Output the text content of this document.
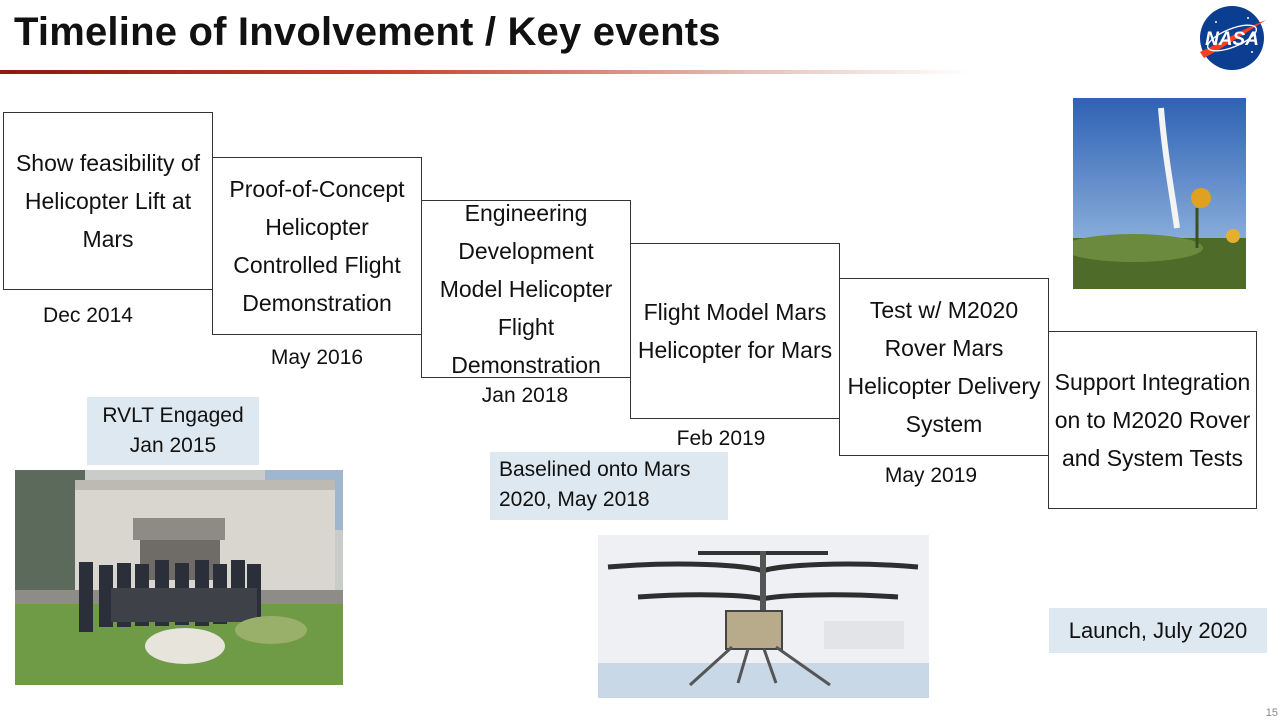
Timeline of Involvement / Key events	NASA
Show feasibility of Helicopter Lift at Mars
Proof-of-Concept Helicopter Controlled Flight Demonstration
Engineering Development Model Helicopter Flight Demonstration
Flight Model Mars Helicopter for Mars
Test w/ M2020 Rover Mars Helicopter Delivery System
Support Integration on to M2020 Rover and System Tests
Dec 2014
May 2016
Jan 2018
Feb 2019
May 2019
RVLT Engaged
Jan 2015
Baselined onto Mars
2020, May 2018
Launch, July 2020
15
